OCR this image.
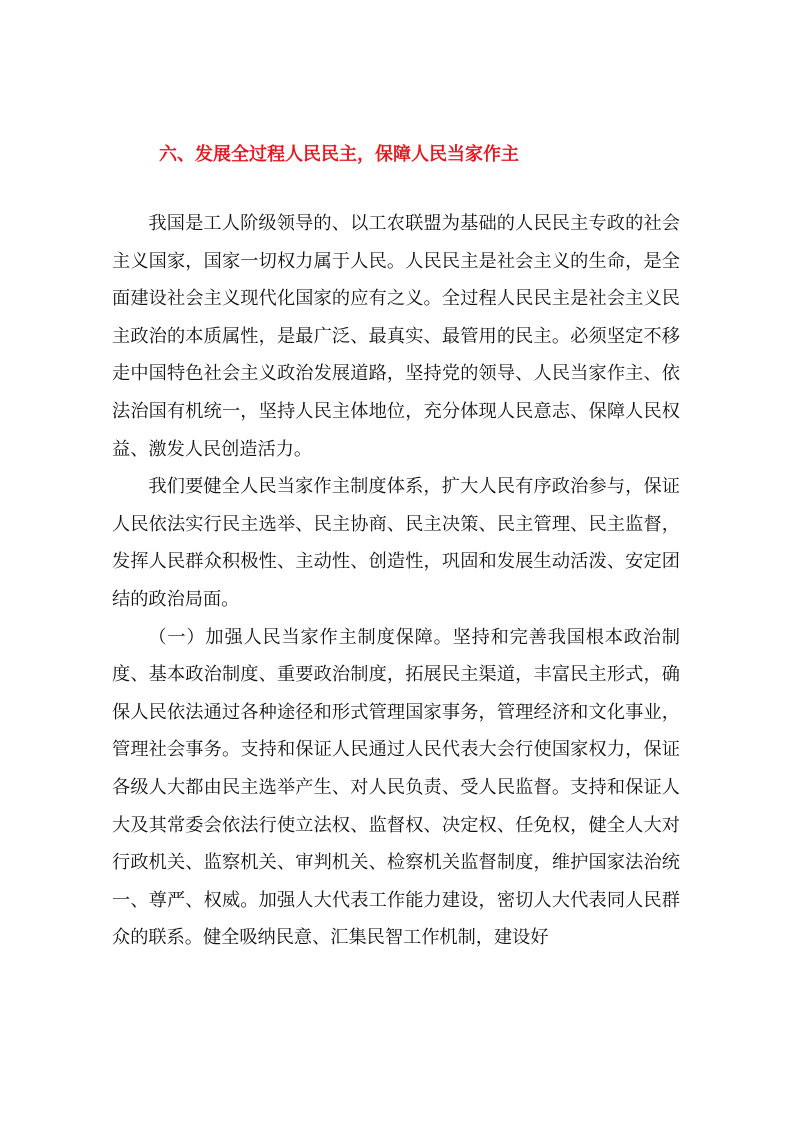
六、发展全过程人民民主，保障人民当家作主

我国是工人阶级领导的、以工农联盟为基础的人民民主专政的社会主义国家，国家一切权力属于人民。人民民主是社会主义的生命，是全面建设社会主义现代化国家的应有之义。全过程人民民主是社会主义民主政治的本质属性，是最广泛、最真实、最管用的民主。必须坚定不移走中国特色社会主义政治发展道路，坚持党的领导、人民当家作主、依法治国有机统一，坚持人民主体地位，充分体现人民意志、保障人民权益、激发人民创造活力。

我们要健全人民当家作主制度体系，扩大人民有序政治参与，保证人民依法实行民主选举、民主协商、民主决策、民主管理、民主监督，发挥人民群众积极性、主动性、创造性，巩固和发展生动活泼、安定团结的政治局面。

（一）加强人民当家作主制度保障。坚持和完善我国根本政治制度、基本政治制度、重要政治制度，拓展民主渠道，丰富民主形式，确保人民依法通过各种途径和形式管理国家事务，管理经济和文化事业，管理社会事务。支持和保证人民通过人民代表大会行使国家权力，保证各级人大都由民主选举产生、对人民负责、受人民监督。支持和保证人大及其常委会依法行使立法权、监督权、决定权、任免权，健全人大对行政机关、监察机关、审判机关、检察机关监督制度，维护国家法治统一、尊严、权威。加强人大代表工作能力建设，密切人大代表同人民群众的联系。健全吸纳民意、汇集民智工作机制，建设好
